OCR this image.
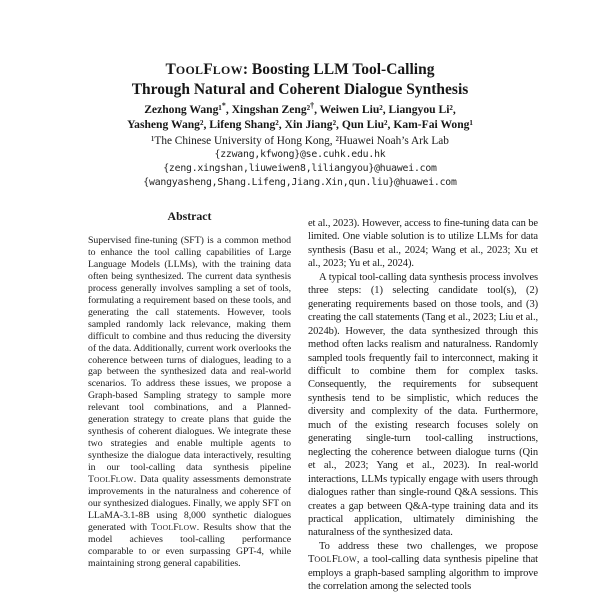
TOOLFLOW: Boosting LLM Tool-Calling
Through Natural and Coherent Dialogue Synthesis
Zezhong Wang¹*, Xingshan Zeng²†, Weiwen Liu², Liangyou Li²,
Yasheng Wang², Lifeng Shang², Xin Jiang², Qun Liu², Kam-Fai Wong¹
¹The Chinese University of Hong Kong, ²Huawei Noah’s Ark Lab
{zzwang,kfwong}@se.cuhk.edu.hk
{zeng.xingshan,liuweiwen8,liliangyou}@huawei.com
{wangyasheng,Shang.Lifeng,Jiang.Xin,qun.liu}@huawei.com
Abstract
Supervised fine-tuning (SFT) is a common method to enhance the tool calling capabilities of Large Language Models (LLMs), with the training data often being synthesized. The current data synthesis process generally involves sampling a set of tools, formulating a requirement based on these tools, and generating the call statements. However, tools sampled randomly lack relevance, making them difficult to combine and thus reducing the diversity of the data. Additionally, current work overlooks the coherence between turns of dialogues, leading to a gap between the synthesized data and real-world scenarios. To address these issues, we propose a Graph-based Sampling strategy to sample more relevant tool combinations, and a Planned-generation strategy to create plans that guide the synthesis of coherent dialogues. We integrate these two strategies and enable multiple agents to synthesize the dialogue data interactively, resulting in our tool-calling data synthesis pipeline TOOLFLOW. Data quality assessments demonstrate improvements in the naturalness and coherence of our synthesized dialogues. Finally, we apply SFT on LLaMA-3.1-8B using 8,000 synthetic dialogues generated with TOOLFLOW. Results show that the model achieves tool-calling performance comparable to or even surpassing GPT-4, while maintaining strong general capabilities.

et al., 2023). However, access to fine-tuning data can be limited. One viable solution is to utilize LLMs for data synthesis (Basu et al., 2024; Wang et al., 2023; Xu et al., 2023; Yu et al., 2024).

A typical tool-calling data synthesis process involves three steps: (1) selecting candidate tool(s), (2) generating requirements based on those tools, and (3) creating the call statements (Tang et al., 2023; Liu et al., 2024b). However, the data synthesized through this method often lacks realism and naturalness. Randomly sampled tools frequently fail to interconnect, making it difficult to combine them for complex tasks. Consequently, the requirements for subsequent synthesis tend to be simplistic, which reduces the diversity and complexity of the data. Furthermore, much of the existing research focuses solely on generating single-turn tool-calling instructions, neglecting the coherence between dialogue turns (Qin et al., 2023; Yang et al., 2023). In real-world interactions, LLMs typically engage with users through dialogues rather than single-round Q&A sessions. This creates a gap between Q&A-type training data and its practical application, ultimately diminishing the naturalness of the synthesized data.

To address these two challenges, we propose TOOLFLOW, a tool-calling data synthesis pipeline that employs a graph-based sampling algorithm to improve the correlation among the selected tools
